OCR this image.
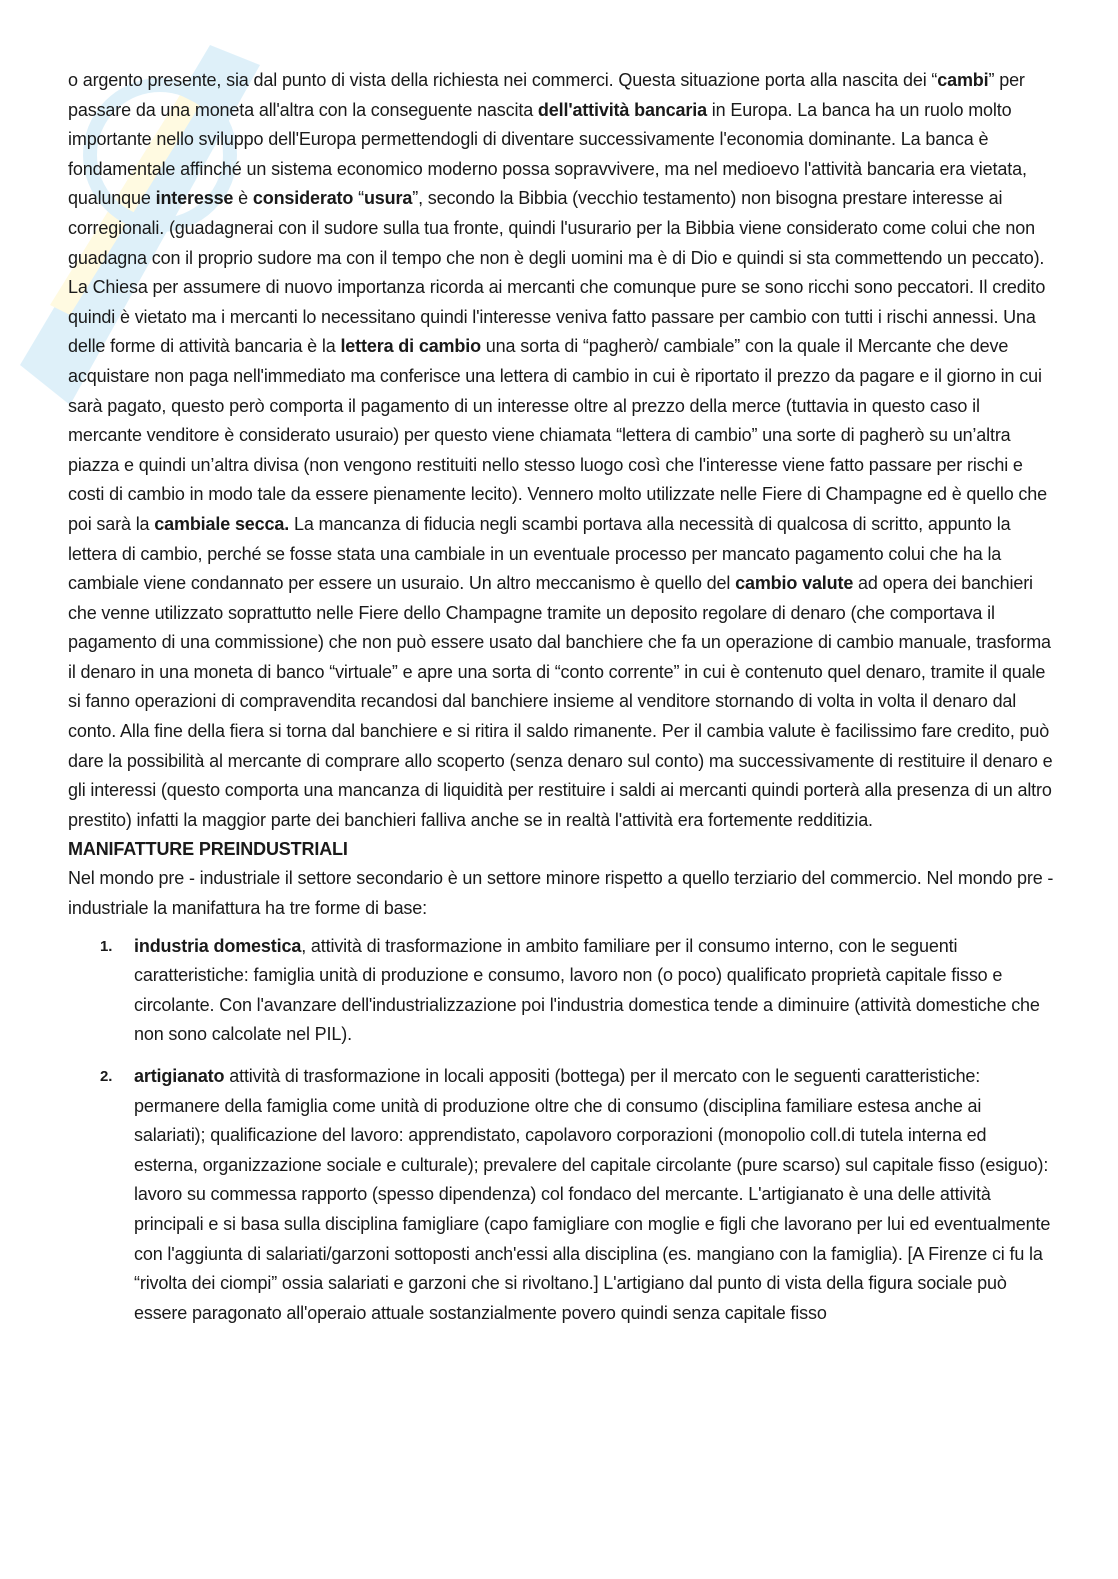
o argento presente, sia dal punto di vista della richiesta nei commerci. Questa situazione porta alla nascita dei “cambi” per passare da una moneta all'altra con la conseguente nascita dell'attività bancaria in Europa. La banca ha un ruolo molto importante nello sviluppo dell'Europa permettendogli di diventare successivamente l'economia dominante. La banca è fondamentale affinché un sistema economico moderno possa sopravvivere, ma nel medioevo l'attività bancaria era vietata, qualunque interesse è considerato “usura”, secondo la Bibbia (vecchio testamento) non bisogna prestare interesse ai corregionali. (guadagnerai con il sudore sulla tua fronte, quindi l'usurario per la Bibbia viene considerato come colui che non guadagna con il proprio sudore ma con il tempo che non è degli uomini ma è di Dio e quindi si sta commettendo un peccato). La Chiesa per assumere di nuovo importanza ricorda ai mercanti che comunque pure se sono ricchi sono peccatori. Il credito quindi è vietato ma i mercanti lo necessitano quindi l'interesse veniva fatto passare per cambio con tutti i rischi annessi. Una delle forme di attività bancaria è la lettera di cambio una sorta di “pagherò/ cambiale” con la quale il Mercante che deve acquistare non paga nell'immediato ma conferisce una lettera di cambio in cui è riportato il prezzo da pagare e il giorno in cui sarà pagato, questo però comporta il pagamento di un interesse oltre al prezzo della merce (tuttavia in questo caso il mercante venditore è considerato usuraio) per questo viene chiamata “lettera di cambio” una sorte di pagherò su un’altra piazza e quindi un’altra divisa (non vengono restituiti nello stesso luogo così che l'interesse viene fatto passare per rischi e costi di cambio in modo tale da essere pienamente lecito). Vennero molto utilizzate nelle Fiere di Champagne ed è quello che poi sarà la cambiale secca. La mancanza di fiducia negli scambi portava alla necessità di qualcosa di scritto, appunto la lettera di cambio, perché se fosse stata una cambiale in un eventuale processo per mancato pagamento colui che ha la cambiale viene condannato per essere un usuraio. Un altro meccanismo è quello del cambio valute ad opera dei banchieri che venne utilizzato soprattutto nelle Fiere dello Champagne tramite un deposito regolare di denaro (che comportava il pagamento di una commissione) che non può essere usato dal banchiere che fa un operazione di cambio manuale, trasforma il denaro in una moneta di banco “virtuale” e apre una sorta di “conto corrente” in cui è contenuto quel denaro, tramite il quale si fanno operazioni di compravendita recandosi dal banchiere insieme al venditore stornando di volta in volta il denaro dal conto. Alla fine della fiera si torna dal banchiere e si ritira il saldo rimanente. Per il cambia valute è facilissimo fare credito, può dare la possibilità al mercante di comprare allo scoperto (senza denaro sul conto) ma successivamente di restituire il denaro e gli interessi (questo comporta una mancanza di liquidità per restituire i saldi ai mercanti quindi porterà alla presenza di un altro prestito) infatti la maggior parte dei banchieri falliva anche se in realtà l'attività era fortemente redditizia.

MANIFATTURE PREINDUSTRIALI

Nel mondo pre - industriale il settore secondario è un settore minore rispetto a quello terziario del commercio. Nel mondo pre - industriale la manifattura ha tre forme di base:

1. industria domestica, attività di trasformazione in ambito familiare per il consumo interno, con le seguenti caratteristiche: famiglia unità di produzione e consumo, lavoro non (o poco) qualificato proprietà capitale fisso e circolante. Con l'avanzare dell'industrializzazione poi l'industria domestica tende a diminuire (attività domestiche che non sono calcolate nel PIL).
2. artigianato attività di trasformazione in locali appositi (bottega) per il mercato con le seguenti caratteristiche: permanere della famiglia come unità di produzione oltre che di consumo (disciplina familiare estesa anche ai salariati); qualificazione del lavoro: apprendistato, capolavoro corporazioni (monopolio coll.di tutela interna ed esterna, organizzazione sociale e culturale); prevalere del capitale circolante (pure scarso) sul capitale fisso (esiguo): lavoro su commessa rapporto (spesso dipendenza) col fondaco del mercante. L'artigianato è una delle attività principali e si basa sulla disciplina famigliare (capo famigliare con moglie e figli che lavorano per lui ed eventualmente con l'aggiunta di salariati/garzoni sottoposti anch'essi alla disciplina (es. mangiano con la famiglia). [A Firenze ci fu la “rivolta dei ciompi” ossia salariati e garzoni che si rivoltano.] L'artigiano dal punto di vista della figura sociale può essere paragonato all'operaio attuale sostanzialmente povero quindi senza capitale fisso
